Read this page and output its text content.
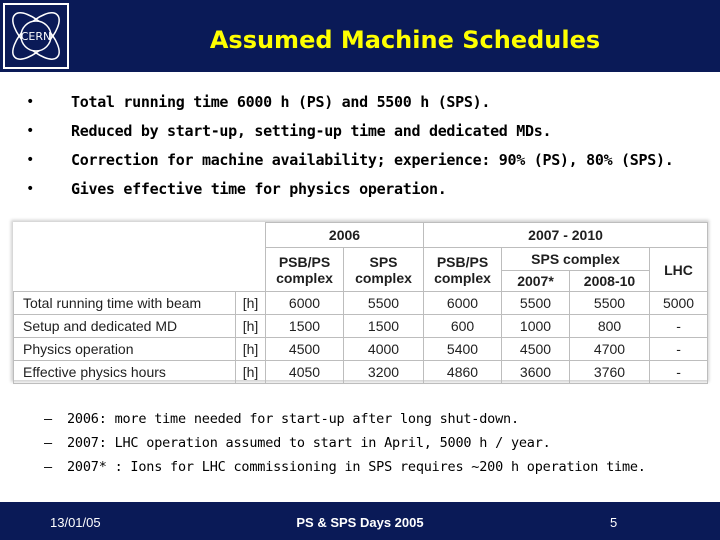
CERN	Assumed Machine Schedules
• Total running time 6000 h (PS) and 5500 h (SPS).
• Reduced by start-up, setting-up time and dedicated MDs.
• Correction for machine availability; experience: 90% (PS), 80% (SPS).
• Gives effective time for physics operation.
		2006		2007 - 2010			
		PSB/PS complex	SPS complex	PSB/PS complex	SPS complex		LHC
					2007*	2008-10	
Total running time with beam	[h]	6000	5500	6000	5500	5500	5000
Setup and dedicated MD	[h]	1500	1500	600	1000	800	-
Physics operation	[h]	4500	4000	5400	4500	4700	-
Effective physics hours	[h]	4050	3200	4860	3600	3760	-
– 2006: more time needed for start-up after long shut-down.
– 2007: LHC operation assumed to start in April, 5000 h / year.
– 2007* : Ions for LHC commissioning in SPS requires ~200 h operation time.
13/01/05	PS & SPS Days 2005	5
